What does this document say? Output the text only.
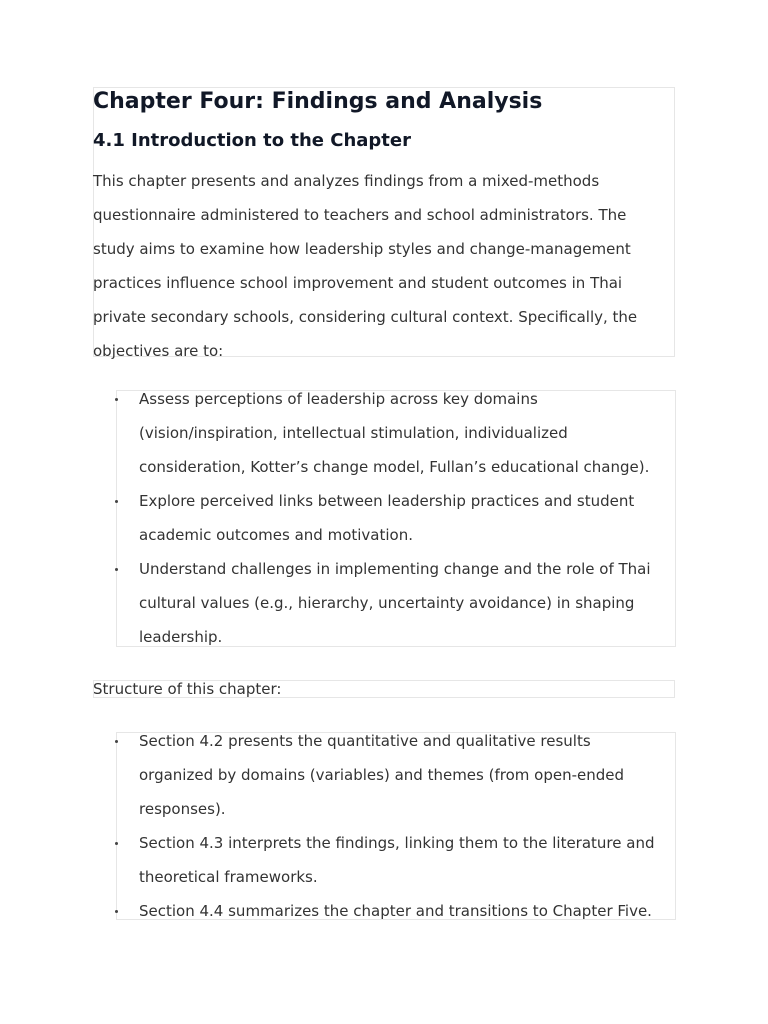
Chapter Four: Findings and Analysis
4.1 Introduction to the Chapter

This chapter presents and analyzes findings from a mixed-methods
questionnaire administered to teachers and school administrators. The
study aims to examine how leadership styles and change-management
practices influence school improvement and student outcomes in Thai
private secondary schools, considering cultural context. Specifically, the
objectives are to:

Assess perceptions of leadership across key domains
(vision/inspiration, intellectual stimulation, individualized
consideration, Kotter’s change model, Fullan’s educational change).
Explore perceived links between leadership practices and student
academic outcomes and motivation.
Understand challenges in implementing change and the role of Thai
cultural values (e.g., hierarchy, uncertainty avoidance) in shaping
leadership.
Structure of this chapter:
Section 4.2 presents the quantitative and qualitative results
organized by domains (variables) and themes (from open-ended
responses).
Section 4.3 interprets the findings, linking them to the literature and
theoretical frameworks.
Section 4.4 summarizes the chapter and transitions to Chapter Five.
